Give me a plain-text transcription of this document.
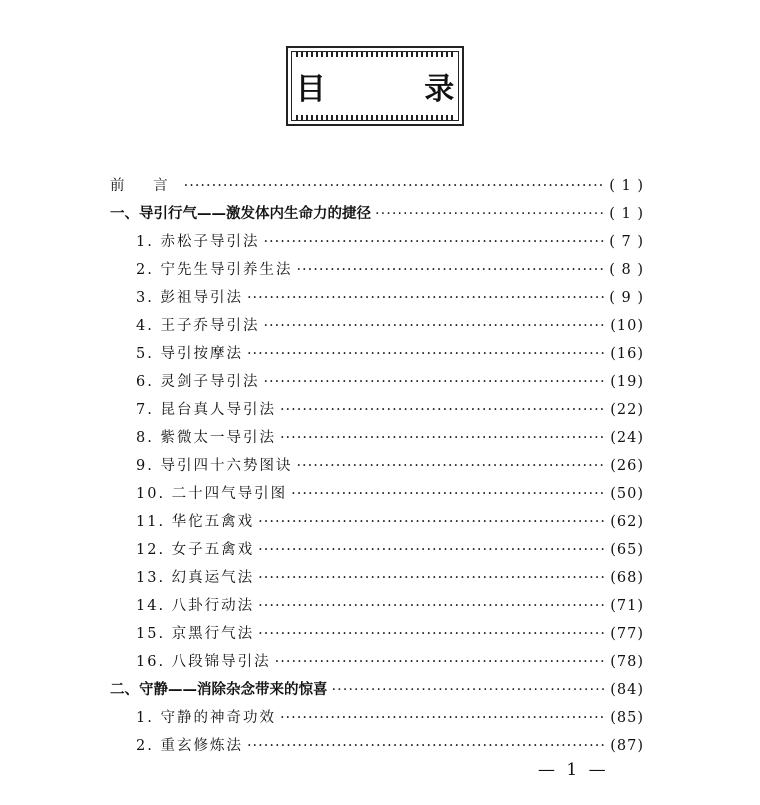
目 录
前 言 ·····	( 1 )
一、导引行气——激发体内生命力的捷径 ·····	( 1 )
1. 赤松子导引法 ·····	( 7 )
2. 宁先生导引养生法 ·····	( 8 )
3. 彭祖导引法 ·····	( 9 )
4. 王子乔导引法 ·····	(10)
5. 导引按摩法 ·····	(16)
6. 灵剑子导引法 ·····	(19)
7. 昆台真人导引法 ·····	(22)
8. 紫微太一导引法 ·····	(24)
9. 导引四十六势图诀 ·····	(26)
10. 二十四气导引图 ·····	(50)
11. 华佗五禽戏 ·····	(62)
12. 女子五禽戏 ·····	(65)
13. 幻真运气法 ·····	(68)
14. 八卦行动法 ·····	(71)
15. 京黑行气法 ·····	(77)
16. 八段锦导引法 ·····	(78)
二、守静——消除杂念带来的惊喜 ·····	(84)
1. 守静的神奇功效 ·····	(85)
2. 重玄修炼法 ·····	(87)
— 1 —
